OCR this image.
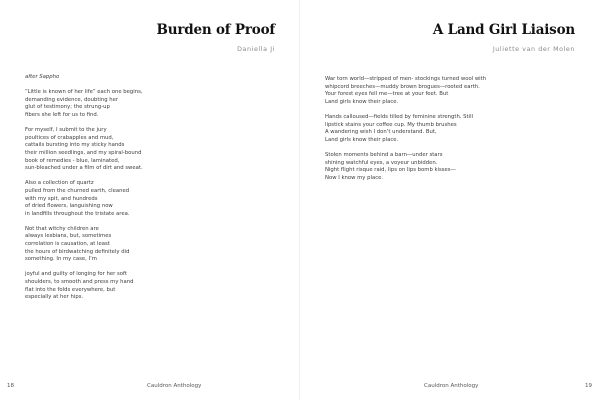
Burden of Proof
Daniella Ji
after Sappho
“Little is known of her life” each one begins,
demanding evidence, doubting her
glut of testimony; the strung-up
fibers she left for us to find.
For myself, I submit to the jury
poultices of crabapples and mud,
cattails bursting into my sticky hands
their million seedlings, and my spiral-bound
book of remedies - blue, laminated,
sun-bleached under a film of dirt and sweat.
Also a collection of quartz
pulled from the churned earth, cleaned
with my spit, and hundreds
of dried flowers, languishing now
in landfills throughout the tristate area.
Not that witchy children are
always lesbians, but, sometimes
correlation is causation, at least
the hours of birdwatching definitely did
something. In my case, I’m
joyful and guilty of longing for her soft
shoulders, to smooth and press my hand
flat into the folds everywhere, but
especially at her hips.
18	Cauldron Anthology
A Land Girl Liaison
Juliette van der Molen
War torn world—stripped of men- stockings turned wool with
whipcord breeches—muddy brown brogues—rooted earth.
Your forest eyes fell me—tree at your feet. But
Land girls know their place.
Hands calloused—fields tilled by feminine strength. Still
lipstick stains your coffee cup. My thumb brushes
A wandering wish I don’t understand. But,
Land girls know their place.
Stolen moments behind a barn—under stars
shining watchful eyes, a voyeur unbidden.
Night flight risque raid, lips on lips bomb kisses—
Now I know my place.
Cauldron Anthology	19
